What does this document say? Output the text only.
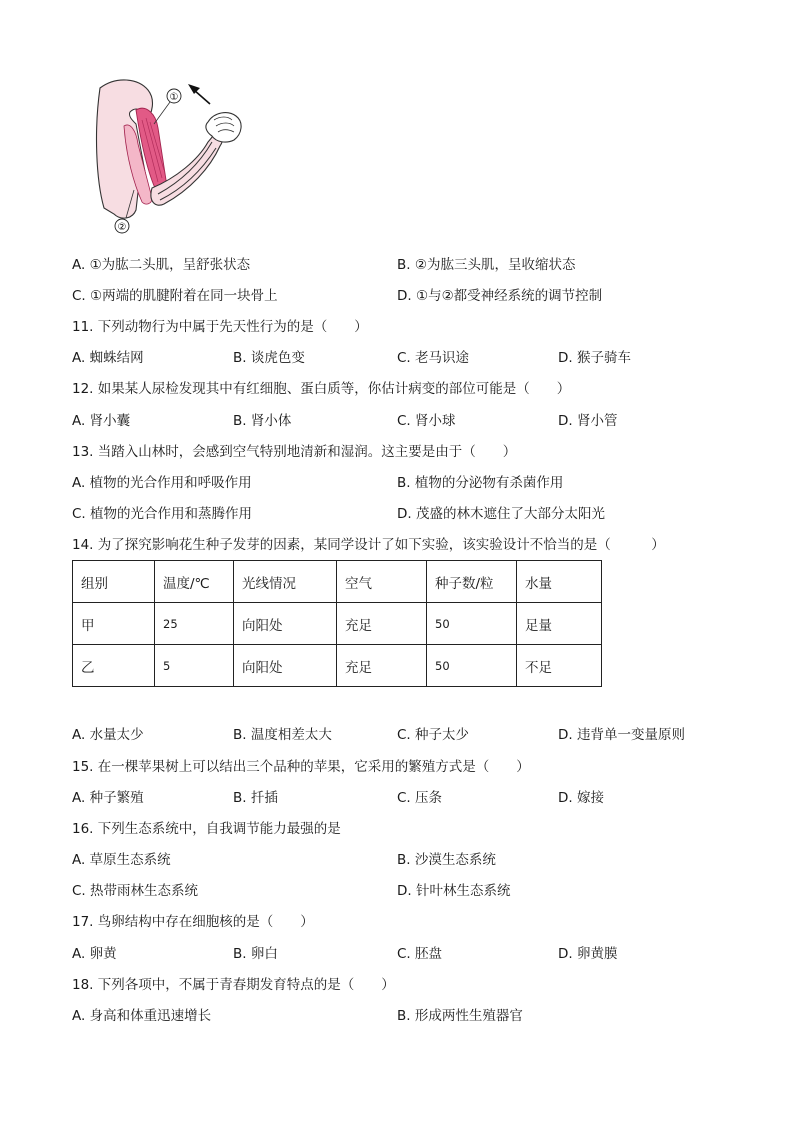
①
②
A. ①为肱二头肌，呈舒张状态	B. ②为肱三头肌，呈收缩状态
C. ①两端的肌腱附着在同一块骨上	D. ①与②都受神经系统的调节控制
11. 下列动物行为中属于先天性行为的是（　　）
A. 蜘蛛结网	B. 谈虎色变	C. 老马识途	D. 猴子骑车
12. 如果某人尿检发现其中有红细胞、蛋白质等，你估计病变的部位可能是（　　）
A. 肾小囊	B. 肾小体	C. 肾小球	D. 肾小管
13. 当踏入山林时，会感到空气特别地清新和湿润。这主要是由于（　　）
A. 植物的光合作用和呼吸作用	B. 植物的分泌物有杀菌作用
C. 植物的光合作用和蒸腾作用	D. 茂盛的林木遮住了大部分太阳光
14. 为了探究影响花生种子发芽的因素，某同学设计了如下实验，该实验设计不恰当的是（　　　）
组别	温度/℃	光线情况	空气	种子数/粒	水量
甲	25	向阳处	充足	50	足量
乙	5	向阳处	充足	50	不足
A. 水量太少	B. 温度相差太大	C. 种子太少	D. 违背单一变量原则
15. 在一棵苹果树上可以结出三个品种的苹果，它采用的繁殖方式是（　　）
A. 种子繁殖	B. 扦插	C. 压条	D. 嫁接
16. 下列生态系统中，自我调节能力最强的是
A. 草原生态系统	B. 沙漠生态系统
C. 热带雨林生态系统	D. 针叶林生态系统
17. 鸟卵结构中存在细胞核的是（　　）
A. 卵黄	B. 卵白	C. 胚盘	D. 卵黄膜
18. 下列各项中，不属于青春期发育特点的是（　　）
A. 身高和体重迅速增长	B. 形成两性生殖器官
